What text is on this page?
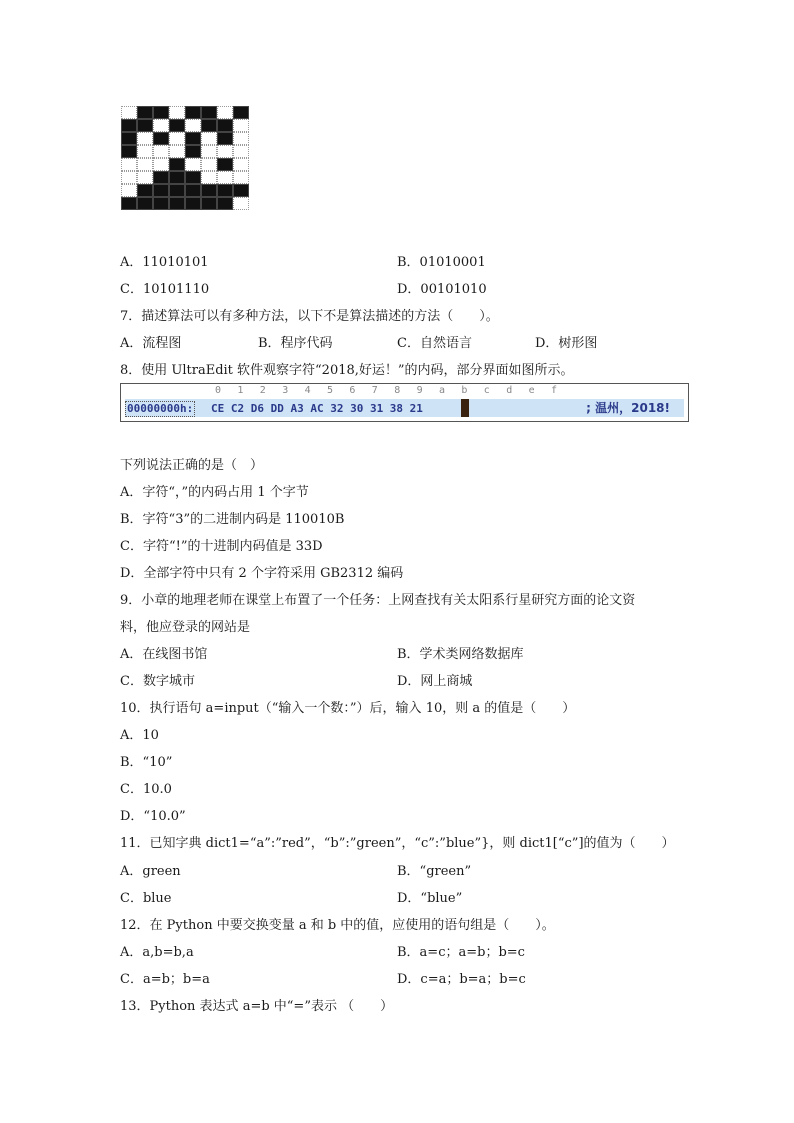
A．11010101	B．01010001
C．10101110	D．00101010
7．描述算法可以有多种方法，以下不是算法描述的方法（　　）。
A．流程图	B．程序代码	C．自然语言	D．树形图
8．使用 UltraEdit 软件观察字符“2018,好运！”的内码，部分界面如图所示。
0 1 2 3 4 5 6 7 8 9 a b c d e f
00000000h: CE C2 D6 DD A3 AC 32 30 31 38 21	; 温州，2018!
下列说法正确的是（　）
A．字符“，”的内码占用 1 个字节
B．字符“3”的二进制内码是 110010B
C．字符“!”的十进制内码值是 33D
D．全部字符中只有 2 个字符采用 GB2312 编码
9．小章的地理老师在课堂上布置了一个任务：上网查找有关太阳系行星研究方面的论文资
料，他应登录的网站是
A．在线图书馆	B．学术类网络数据库
C．数字城市	D．网上商城
10．执行语句 a=input（“输入一个数：”）后，输入 10，则 a 的值是（　　）
A．10
B．“10”
C．10.0
D．“10.0”
11．已知字典 dict1=“a”:”red”，“b”:”green”，“c”:”blue”}，则 dict1[“c”]的值为（　　）
A．green	B．“green”
C．blue	D．“blue”
12．在 Python 中要交换变量 a 和 b 中的值，应使用的语句组是（　　）。
A．a,b=b,a	B．a=c；a=b；b=c
C．a=b；b=a	D．c=a；b=a；b=c
13．Python 表达式 a=b 中“=”表示 （　　）
